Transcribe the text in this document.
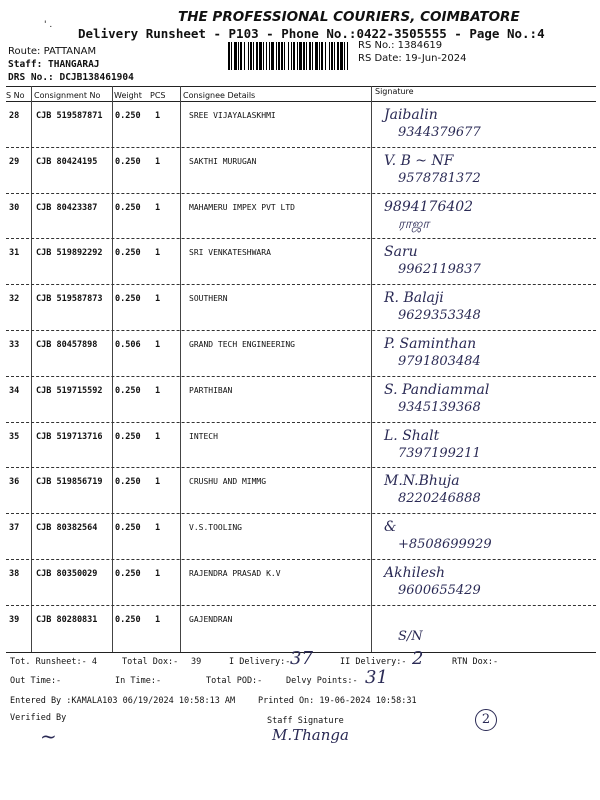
' .	THE PROFESSIONAL COURIERS, COIMBATORE
Delivery Runsheet - P103 - Phone No.:0422-3505555 - Page No.:4
Route: PATTANAM
Staff: THANGARAJ
DRS No.: DCJB138461904
RS No.: 1384619
RS Date: 19-Jun-2024
S No Consignment No Weight PCS Consignee Details	Signature
28 CJB 519587871 0.250 1	SREE VIJAYALASKHMI	Jaibalin
9344379677
29 CJB 80424195 0.250 1	SAKTHI MURUGAN	V. B ~ NF
9578781372
30 CJB 80423387 0.250 1	MAHAMERU IMPEX PVT LTD	9894176402
ராஜா
31 CJB 519892292 0.250 1	SRI VENKATESHWARA	Saru
9962119837
32 CJB 519587873 0.250 1	SOUTHERN	R. Balaji
9629353348
33 CJB 80457898 0.506 1	GRAND TECH ENGINEERING	P. Saminthan
9791803484
34 CJB 519715592 0.250 1	PARTHIBAN	S. Pandiammal
9345139368
35 CJB 519713716 0.250 1	INTECH	L. Shalt
7397199211
36 CJB 519856719 0.250 1	CRUSHU AND MIMMG	M.N.Bhuja
8220246888
37 CJB 80382564 0.250 1	V.S.TOOLING	&
+8508699929
38 CJB 80350029 0.250 1	RAJENDRA PRASAD K.V	Akhilesh
9600655429
39 CJB 80280831 0.250 1	GAJENDRAN
S/N
Tot. Runsheet:- 4	Total Dox:- 39	I Delivery:- 37	II Delivery:- 2	RTN Dox:-
Out Time:-	In Time:-	Total POD:-	Delvy Points:- 31
Entered By :KAMALA103 06/19/2024 10:58:13 AM	Printed On: 19-06-2024 10:58:31
Verified By
~
Staff Signature
M.Thanga
2
